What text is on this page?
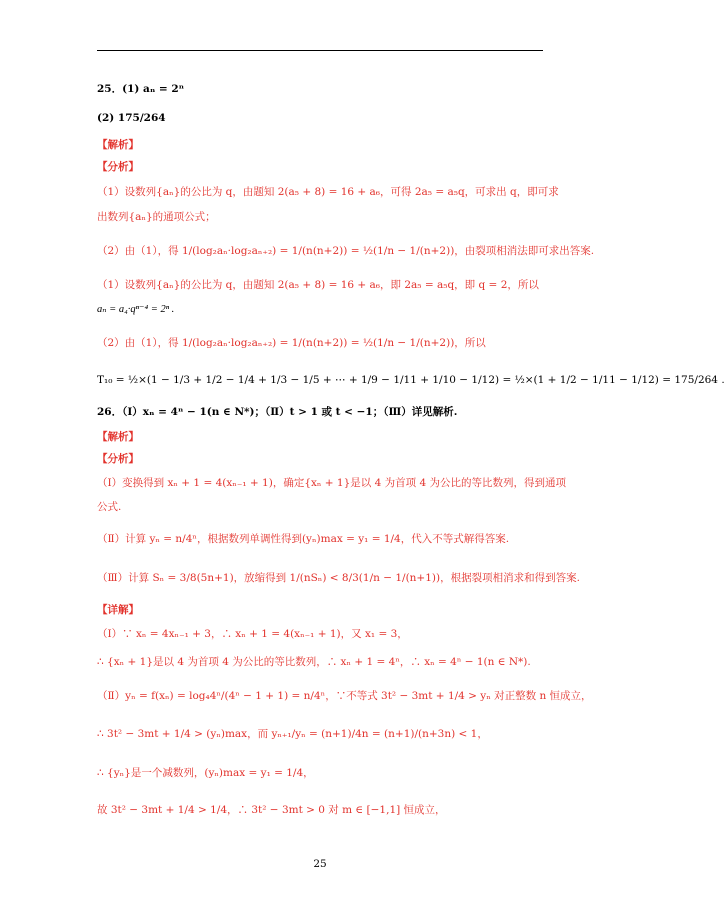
25．(1) aₙ = 2ⁿ
(2) 175/264
【解析】
【分析】
（1）设数列{aₙ}的公比为 q，由题知 2(a₅ + 8) = 16 + a₆，可得 2a₅ = a₅q，可求出 q，即可求
出数列{aₙ}的通项公式；
（2）由（1），得 1/(log₂aₙ·log₂aₙ₊₂) = 1/(n(n+2)) = ½(1/n − 1/(n+2))，由裂项相消法即可求出答案.
（1）设数列{aₙ}的公比为 q，由题知 2(a₅ + 8) = 16 + a₆，即 2a₅ = a₅q，即 q = 2，所以
aₙ = a₄·qⁿ⁻⁴ = 2ⁿ .
（2）由（1），得 1/(log₂aₙ·log₂aₙ₊₂) = 1/(n(n+2)) = ½(1/n − 1/(n+2))，所以
T₁₀ = ½×(1 − 1/3 + 1/2 − 1/4 + 1/3 − 1/5 + ⋯ + 1/9 − 1/11 + 1/10 − 1/12) = ½×(1 + 1/2 − 1/11 − 1/12) = 175/264 .
26．（Ⅰ）xₙ = 4ⁿ − 1(n ∈ N*)；（Ⅱ）t > 1 或 t < −1；（Ⅲ）详见解析.
【解析】
【分析】
（Ⅰ）变换得到 xₙ + 1 = 4(xₙ₋₁ + 1)，确定{xₙ + 1}是以 4 为首项 4 为公比的等比数列，得到通项
公式.
（Ⅱ）计算 yₙ = n/4ⁿ，根据数列单调性得到(yₙ)max = y₁ = 1/4，代入不等式解得答案.
（Ⅲ）计算 Sₙ = 3/8(5n+1)，放缩得到 1/(nSₙ) < 8/3(1/n − 1/(n+1))，根据裂项相消求和得到答案.
【详解】
（Ⅰ）∵ xₙ = 4xₙ₋₁ + 3，∴ xₙ + 1 = 4(xₙ₋₁ + 1)，又 x₁ = 3，
∴ {xₙ + 1}是以 4 为首项 4 为公比的等比数列，∴ xₙ + 1 = 4ⁿ，∴ xₙ = 4ⁿ − 1(n ∈ N*).
（Ⅱ）yₙ = f(xₙ) = log₄4ⁿ/(4ⁿ − 1 + 1) = n/4ⁿ，∵不等式 3t² − 3mt + 1/4 > yₙ 对正整数 n 恒成立，
∴ 3t² − 3mt + 1/4 > (yₙ)max，而 yₙ₊₁/yₙ = (n+1)/4n = (n+1)/(n+3n) < 1，
∴ {yₙ}是一个减数列，(yₙ)max = y₁ = 1/4，
故 3t² − 3mt + 1/4 > 1/4，∴ 3t² − 3mt > 0 对 m ∈ [−1,1] 恒成立，
25
